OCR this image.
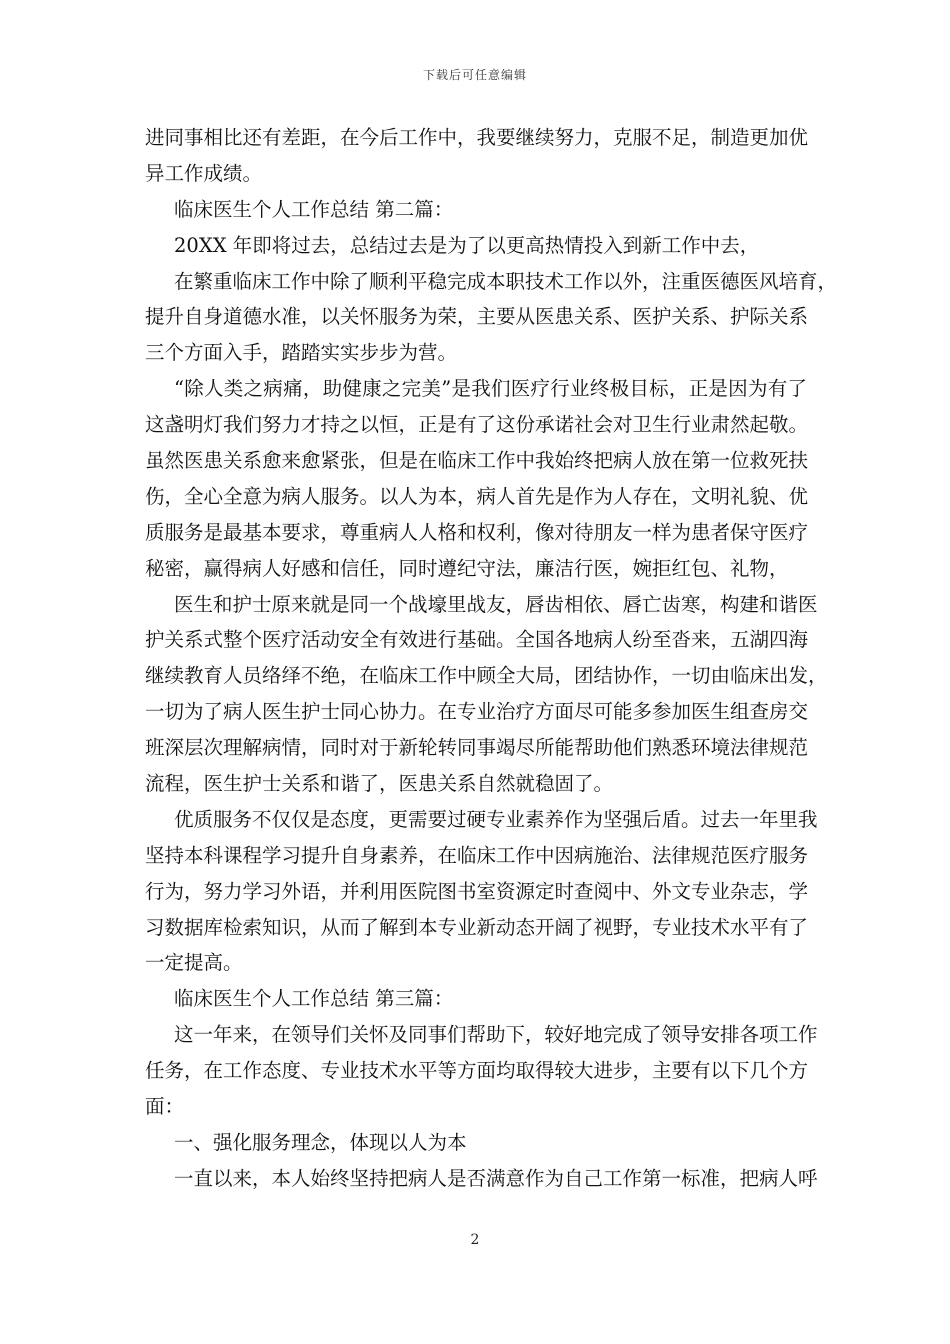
下载后可任意编辑
进同事相比还有差距，在今后工作中，我要继续努力，克服不足，制造更加优
异工作成绩。
临床医生个人工作总结 第二篇：
20XX 年即将过去，总结过去是为了以更高热情投入到新工作中去，
在繁重临床工作中除了顺利平稳完成本职技术工作以外，注重医德医风培育，
提升自身道德水准，以关怀服务为荣，主要从医患关系、医护关系、护际关系
三个方面入手，踏踏实实步步为营。
“除人类之病痛，助健康之完美”是我们医疗行业终极目标，正是因为有了
这盏明灯我们努力才持之以恒，正是有了这份承诺社会对卫生行业肃然起敬。
虽然医患关系愈来愈紧张，但是在临床工作中我始终把病人放在第一位救死扶
伤，全心全意为病人服务。以人为本，病人首先是作为人存在，文明礼貌、优
质服务是最基本要求，尊重病人人格和权利，像对待朋友一样为患者保守医疗
秘密，赢得病人好感和信任，同时遵纪守法，廉洁行医，婉拒红包、礼物，
医生和护士原来就是同一个战壕里战友，唇齿相依、唇亡齿寒，构建和谐医
护关系式整个医疗活动安全有效进行基础。全国各地病人纷至沓来，五湖四海
继续教育人员络绎不绝，在临床工作中顾全大局，团结协作，一切由临床出发，
一切为了病人医生护士同心协力。在专业治疗方面尽可能多参加医生组查房交
班深层次理解病情，同时对于新轮转同事竭尽所能帮助他们熟悉环境法律规范
流程，医生护士关系和谐了，医患关系自然就稳固了。
优质服务不仅仅是态度，更需要过硬专业素养作为坚强后盾。过去一年里我
坚持本科课程学习提升自身素养，在临床工作中因病施治、法律规范医疗服务
行为，努力学习外语，并利用医院图书室资源定时查阅中、外文专业杂志，学
习数据库检索知识，从而了解到本专业新动态开阔了视野，专业技术水平有了
一定提高。
临床医生个人工作总结 第三篇：
这一年来，在领导们关怀及同事们帮助下，较好地完成了领导安排各项工作
任务，在工作态度、专业技术水平等方面均取得较大进步，主要有以下几个方
面：
一、强化服务理念，体现以人为本
一直以来，本人始终坚持把病人是否满意作为自己工作第一标准，把病人呼
2
